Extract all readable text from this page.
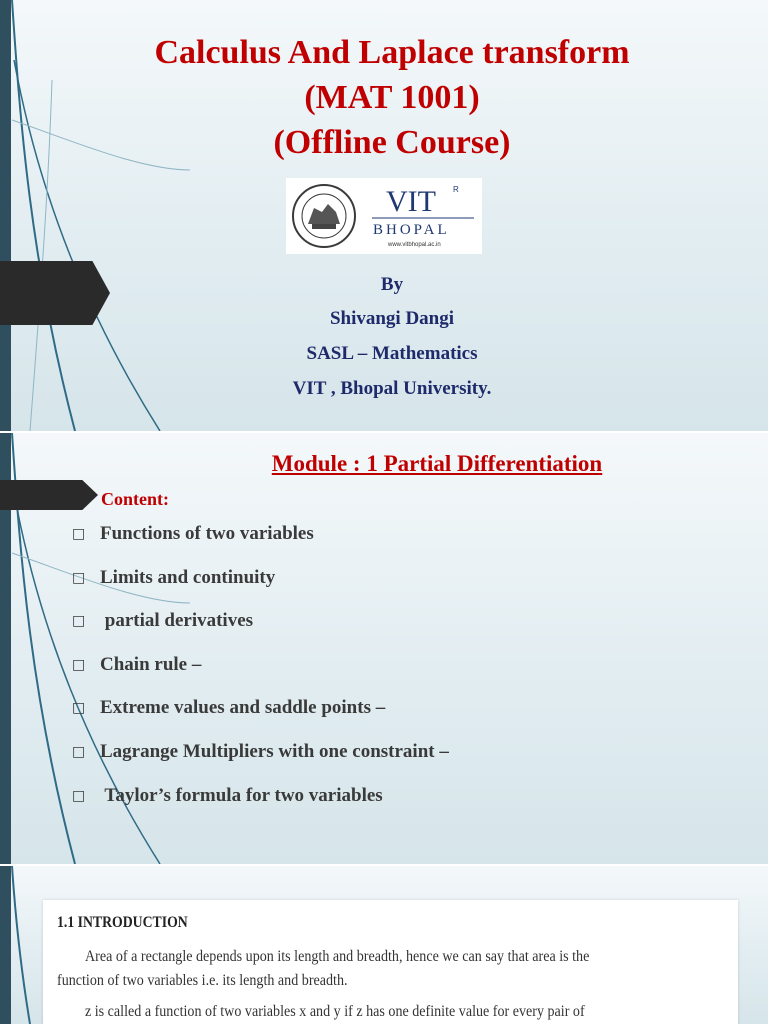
Calculus And Laplace transform
(MAT 1001)
(Offline Course)
VIT R
BHOPAL
www.vitbhopal.ac.in

By

Shivangi Dangi

SASL – Mathematics

VIT , Bhopal University.

Module : 1 Partial Differentiation
Content:
□ Functions of two variables
□ Limits and continuity
□ partial derivatives
□ Chain rule –
□ Extreme values and saddle points –
□ Lagrange Multipliers with one constraint –
□ Taylor’s formula for two variables
1.1 INTRODUCTION
Area of a rectangle depends upon its length and breadth, hence we can say that area is the
function of two variables i.e. its length and breadth.
z is called a function of two variables x and y if z has one definite value for every pair of
